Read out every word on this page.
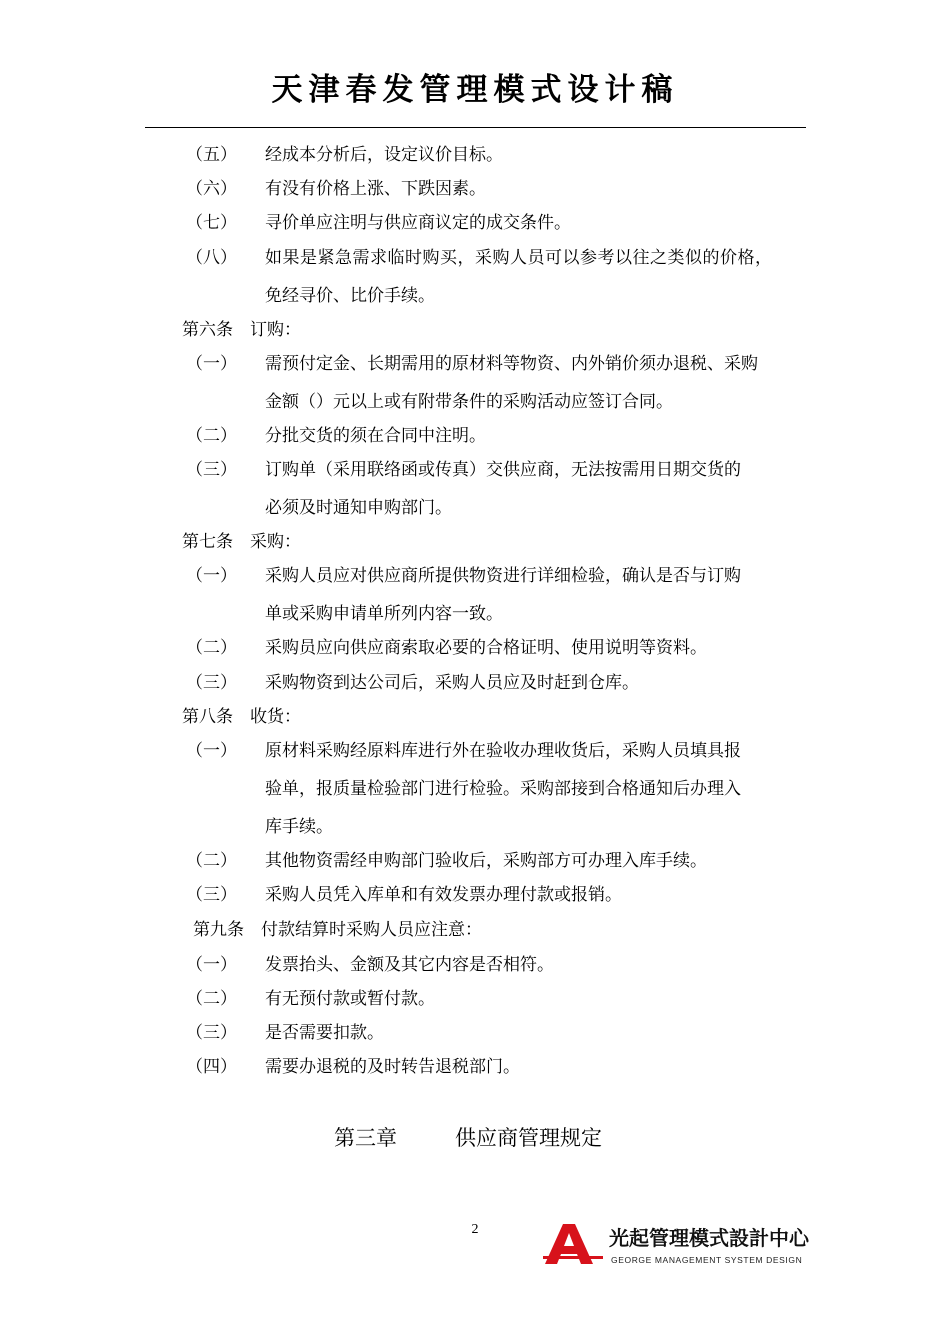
天津春发管理模式设计稿
（五） 经成本分析后，设定议价目标。
（六） 有没有价格上涨、下跌因素。
（七） 寻价单应注明与供应商议定的成交条件。
（八） 如果是紧急需求临时购买，采购人员可以参考以往之类似的价格，
免经寻价、比价手续。
第六条　订购：
（一） 需预付定金、长期需用的原材料等物资、内外销价须办退税、采购
金额（）元以上或有附带条件的采购活动应签订合同。
（二） 分批交货的须在合同中注明。
（三） 订购单（采用联络函或传真）交供应商，无法按需用日期交货的
必须及时通知申购部门。
第七条　采购：
（一） 采购人员应对供应商所提供物资进行详细检验，确认是否与订购
单或采购申请单所列内容一致。
（二） 采购员应向供应商索取必要的合格证明、使用说明等资料。
（三） 采购物资到达公司后，采购人员应及时赶到仓库。
第八条　收货：
（一） 原材料采购经原料库进行外在验收办理收货后，采购人员填具报
验单，报质量检验部门进行检验。采购部接到合格通知后办理入
库手续。
（二） 其他物资需经申购部门验收后，采购部方可办理入库手续。
（三） 采购人员凭入库单和有效发票办理付款或报销。
第九条　付款结算时采购人员应注意：
（一） 发票抬头、金额及其它内容是否相符。
（二） 有无预付款或暂付款。
（三） 是否需要扣款。
（四） 需要办退税的及时转告退税部门。
第三章	供应商管理规定
2	光起管理模式設計中心
GEORGE MANAGEMENT SYSTEM DESIGN
